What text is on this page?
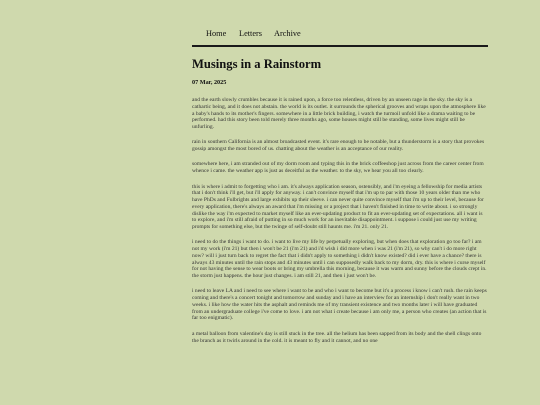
Home Letters Archive
Musings in a Rainstorm
07 Mar, 2025

and the earth slowly crumbles because it is rained upon, a force too relentless, driven by an unseen rage in the sky. the sky is a cathartic being, and it does not abstain. the world is its outlet. it surrounds the spherical grooves and wraps upon the atmosphere like a baby's hands to its mother's fingers. somewhere in a little brick building, i watch the turmoil unfold like a drama waiting to be performed. had this story been told merely three months ago, some houses might still be standing, some lives might still be unfurling.

rain in southern California is an almost broadcasted event. it's rare enough to be notable, but a thunderstorm is a story that provokes gossip amongst the most bored of us. chatting about the weather is an acceptance of our reality.

somewhere here, i am stranded out of my dorm room and typing this in the brick coffeeshop just across from the career center from whence i came. the weather app is just as deceitful as the weather. to the sky, we hear you all too clearly.

this is where i admit to forgetting who i am. it's always application season, ostensibly, and i'm eyeing a fellowship for media artists that i don't think i'll get, but i'll apply for anyway. i can't convince myself that i'm up to par with those 10 years older than me who have PhDs and Fulbrights and large exhibits up their sleeve. i can never quite convince myself that i'm up to their level, because for every application, there's always an award that i'm missing or a project that i haven't finished in time to write about. i so strongly dislike the way i'm expected to market myself like an ever-updating product to fit an ever-updating set of expectations. all i want is to explore, and i'm still afraid of putting in so much work for an inevitable disappointment. i suppose i could just use my writing prompts for something else, but the twinge of self-doubt still haunts me. i'm 21. only 21.

i need to do the things i want to do. i want to live my life by perpetually exploring, but when does that exploration go too far? i am not my work (i'm 21) but then i won't be 21 (i'm 21) and i'd wish i did more when i was 21 (i'm 21), so why can't i do more right now? will i just turn back to regret the fact that i didn't apply to something i didn't know existed? did i ever have a chance? there is always 43 minutes until the rain stops and 43 minutes until i can supposedly walk back to my dorm, dry. this is where i curse myself for not having the sense to wear boots or bring my umbrella this morning, because it was warm and sunny before the clouds crept in. the storm just happens. the hour just changes. i am still 21, and then i just won't be.

i need to leave LA and i need to see where i want to be and who i want to become but it's a process i know i can't rush. the rain keeps coming and there's a concert tonight and tomorrow and sunday and i have an interview for an internship i don't really want in two weeks. i like how the water hits the asphalt and reminds me of my transient existence and two months later i will have graduated from an undergraduate college i've come to love. i am not what i create because i am only me, a person who creates (an action that is far too enigmatic).

a metal balloon from valentine's day is still stuck in the tree. all the helium has been sapped from its body and the shell clings onto the branch as it twirls around in the cold. it is meant to fly and it cannot, and no one
